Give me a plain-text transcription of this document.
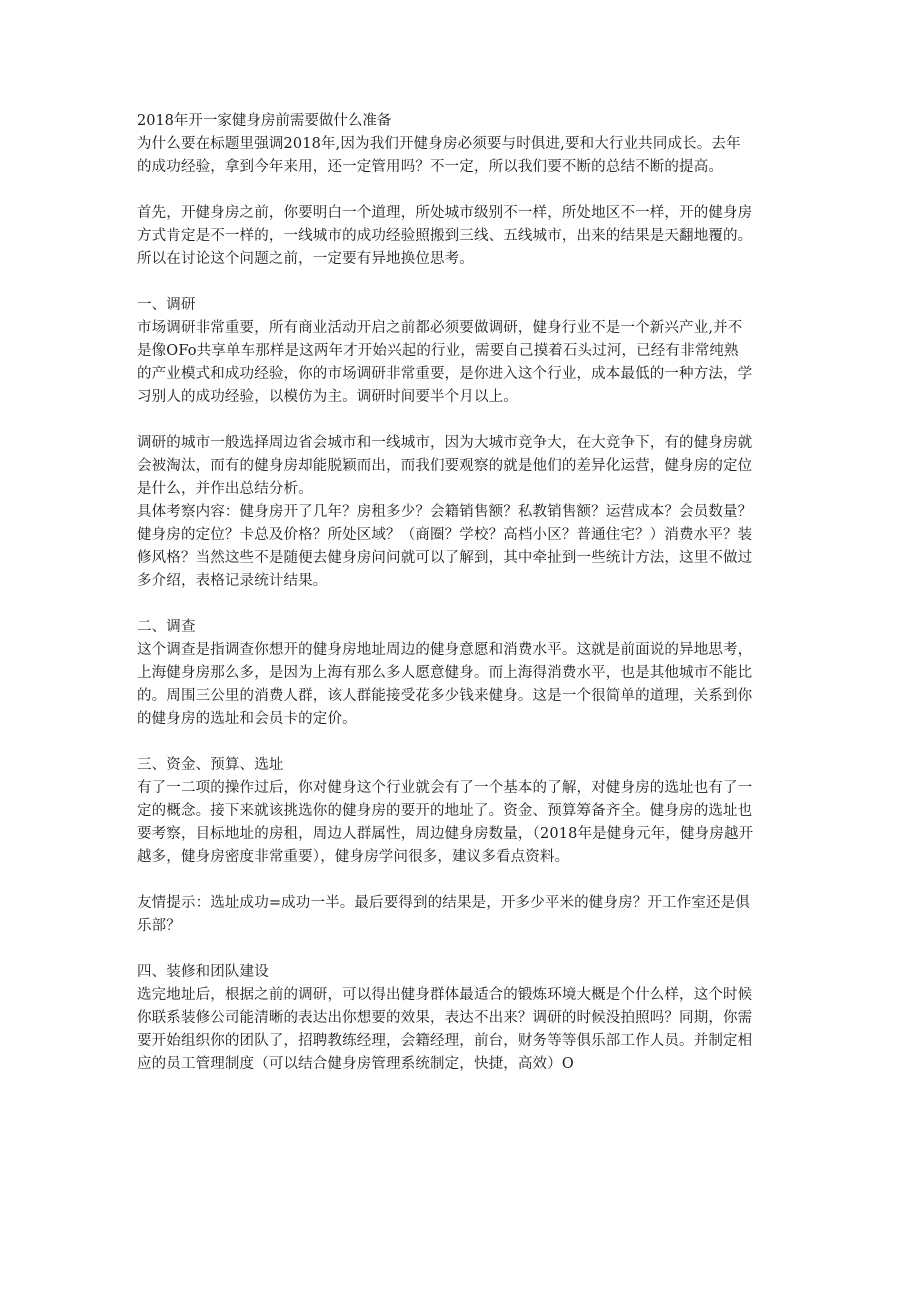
2018年开一家健身房前需要做什么准备
为什么要在标题里强调2018年,因为我们开健身房必须要与时俱进,要和大行业共同成长。去年
的成功经验，拿到今年来用，还一定管用吗？不一定，所以我们要不断的总结不断的提高。
首先，开健身房之前，你要明白一个道理，所处城市级别不一样，所处地区不一样，开的健身房
方式肯定是不一样的，一线城市的成功经验照搬到三线、五线城市，出来的结果是天翻地覆的。
所以在讨论这个问题之前，一定要有异地换位思考。
一、调研
市场调研非常重要，所有商业活动开启之前都必须要做调研，健身行业不是一个新兴产业,并不
是像OFo共享单车那样是这两年才开始兴起的行业，需要自己摸着石头过河，已经有非常纯熟
的产业模式和成功经验，你的市场调研非常重要，是你进入这个行业，成本最低的一种方法，学
习别人的成功经验，以模仿为主。调研时间要半个月以上。
调研的城市一般选择周边省会城市和一线城市，因为大城市竞争大，在大竞争下，有的健身房就
会被淘汰，而有的健身房却能脱颖而出，而我们要观察的就是他们的差异化运营，健身房的定位
是什么，并作出总结分析。
具体考察内容：健身房开了几年？房租多少？会籍销售额？私教销售额？运营成本？会员数量？
健身房的定位？卡总及价格？所处区域？（商圈？学校？高档小区？普通住宅？）消费水平？装
修风格？当然这些不是随便去健身房问问就可以了解到，其中牵扯到一些统计方法，这里不做过
多介绍，表格记录统计结果。
二、调查
这个调查是指调查你想开的健身房地址周边的健身意愿和消费水平。这就是前面说的异地思考，
上海健身房那么多，是因为上海有那么多人愿意健身。而上海得消费水平，也是其他城市不能比
的。周围三公里的消费人群，该人群能接受花多少钱来健身。这是一个很简单的道理，关系到你
的健身房的选址和会员卡的定价。
三、资金、预算、选址
有了一二项的操作过后，你对健身这个行业就会有了一个基本的了解，对健身房的选址也有了一
定的概念。接下来就该挑选你的健身房的要开的地址了。资金、预算筹备齐全。健身房的选址也
要考察，目标地址的房租，周边人群属性，周边健身房数量，（2018年是健身元年，健身房越开
越多，健身房密度非常重要），健身房学问很多，建议多看点资料。
友情提示：选址成功=成功一半。最后要得到的结果是，开多少平米的健身房？开工作室还是俱
乐部？
四、装修和团队建设
选完地址后，根据之前的调研，可以得出健身群体最适合的锻炼环境大概是个什么样，这个时候
你联系装修公司能清晰的表达出你想要的效果，表达不出来？调研的时候没拍照吗？同期，你需
要开始组织你的团队了，招聘教练经理，会籍经理，前台，财务等等俱乐部工作人员。并制定相
应的员工管理制度（可以结合健身房管理系统制定，快捷，高效）O
